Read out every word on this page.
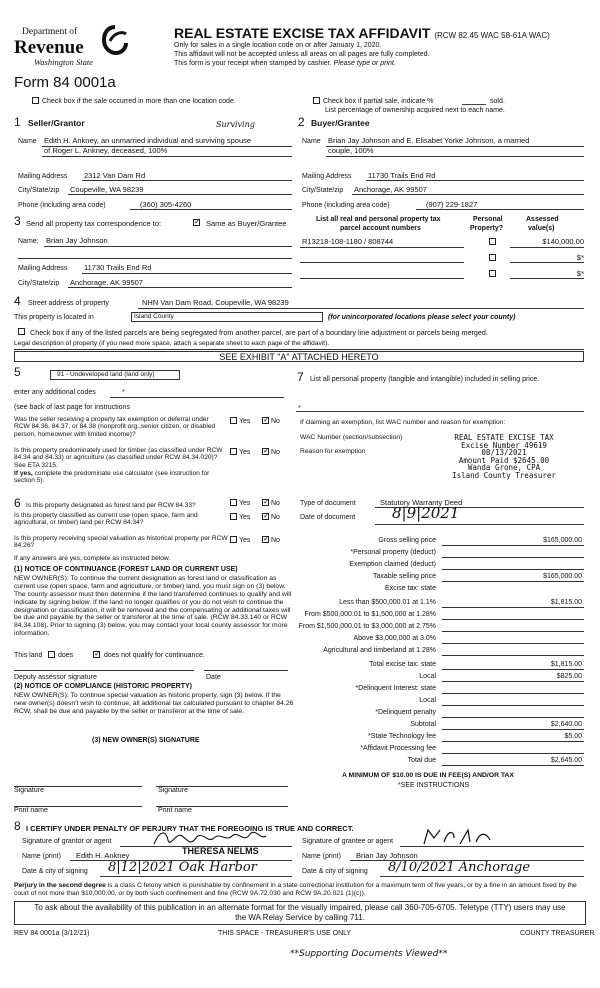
Department of
Revenue
Washington State
Form 84 0001a
REAL ESTATE EXCISE TAX AFFIDAVIT (RCW 82.45 WAC 58-61A WAC)
Only for sales in a single location code on or after January 1, 2020.
This affidavit will not be accepted unless all areas on all pages are fully completed.
This form is your receipt when stamped by cashier. Please type or print.
Check box if the sale occurred in more than one location code.	Check box if partial sale, indicate %	sold.
List percentage of ownership acquired next to each name.
1 Seller/Grantor	Surviving
Name Edith H. Ankney, an unmarried individual and surviving spouse
of Roger L. Ankney, deceased, 100%
Mailing Address 2312 Van Dam Rd
City/State/zip Coupeville, WA 98239
Phone (including area code)	(360) 305-4260
2 Buyer/Grantee
Name Brian Jay Johnson and E. Elisabet Yorke Johnson, a married
couple, 100%
Mailing Address 11730 Trails End Rd
City/State/zip Anchorage, AK 99507
Phone (including area code)	(907) 229-1827
3 Send all property tax correspondence to: ✓	Same as Buyer/Grantee
Name: Brian Jay Johnson
Mailing Address 11730 Trails End Rd
City/State/zip Anchorage, AK 99507
List all real and personal property tax
parcel account numbers
Personal
Property?
Assessed
value(s)
R13218-108-1180 / 808744	$140,000.00
$*
$*
4 Street address of property	NHN Van Dam Road, Coupeville, WA 98239
This property is located in	Island County	(for unincorporated locations please select your county)
Check box if any of the listed parcels are being segregated from another parcel, are part of a boundary line adjustment or parcels being merged.
Legal description of property (if you need more space, attach a separate sheet to each page of the affidavit).
SEE EXHIBIT "A" ATTACHED HERETO
5	91 - Undeveloped land (land only)
enter any additional codes	*
(see back of last page for instructions
Was the seller receiving a property tax exemption or deferral under RCW 84.36, 84.37, or 84.38 (nonprofit org.,senior citizen, or disabled person, homeowner with limited income)?
Yes ✓	No
Is this property predominately used for timber (as classified under RCW 84.34 and 84.33) or agriculture (as classified under RCW 84.34.020)? See ETA 3215.
If yes, complete the predominate use calculator (see instruction for section 5).
Yes ✓	No
7 List all personal property (tangible and intangible) included in selling price.
*
If claiming an exemption, list WAC number and reason for exemption:
WAC Number (section/subsection)
Reason for exemption
REAL ESTATE EXCISE TAX
Excise Number 49619
08/13/2021
Amount Paid $2645.00
Wanda Grone, CPA
Island County Treasurer
6 Is this property designated as forest land per RCW 84.33?	Yes ✓	No
Is this property classified as current use (open space, farm and agricultural, or timber) land per RCW 84.34?
Yes ✓	No
Is this property receiving special valuation as historical property per RCW 84.26?
Yes ✓	No
If any answers are yes, complete as instructed below.
(1) NOTICE OF CONTINUANCE (FOREST LAND OR CURRENT USE)
NEW OWNER(S): To continue the current designation as forest land or classification as current use (open space, farm and agriculture, or timber) land, you must sign on (3) below. The county assessor must then determine if the land transferred continues to qualify and will indicate by signing below. If the land no longer qualifies or you do not wish to continue the designation or classification, it will be removed and the compensating or additional taxes will be due and payable by the seller or transferor at the time of sale. (RCW 84.33.140 or RCW 84.34.108). Prior to signing (3) below, you may contact your local county assessor for more information.
This land does ✓	does not qualify for continuance.
Deputy assessor signature	Date
(2) NOTICE OF COMPLIANCE (HISTORIC PROPERTY)
NEW OWNER(S): To continue special valuation as historic property, sign (3) below. If the new owner(s) doesn't wish to continue, all additional tax calculated pursuant to chapter 84.26 RCW, shall be due and payable by the seller or transferor at the time of sale.
(3) NEW OWNER(S) SIGNATURE
Signature	Signature
Print name	Print name
Type of document	Statutory Warranty Deed
Date of document 8|9|2021
Gross selling price	$165,000.00
*Personal property (deduct)
Exemption claimed (deduct)
Taxable selling price	$165,000.00
Excise tax: state
Less than $500,000.01 at 1.1%	$1,815.00
From $500,000.01 to $1,500,000 at 1.28%
From $1,500,000.01 to $3,000,000 at 2.75%
Above $3,000,000 at 3.0%
Agricultural and timberland at 1.28%
Total excise tax: state	$1,815.00
Local	$825.00
*Delinquent Interest: state
Local
*Delinquent penalty
Subtotal	$2,640.00
*State Technology fee	$5.00
*Affidavit Processing fee
Total due	$2,645.00
A MINIMUM OF $10.00 IS DUE IN FEE(S) AND/OR TAX
*SEE INSTRUCTIONS
8 I CERTIFY UNDER PENALTY OF PERJURY THAT THE FOREGOING IS TRUE AND CORRECT.
Signature of grantor or agent
Name (print) Edith H. Ankney	THERESA NELMS
Date & city of signing 8|12|2021 Oak Harbor
Signature of grantee or agent
Name (print) Brian Jay Johnson
Date & city of signing 8/10/2021 Anchorage
Perjury in the second degree is a class C felony which is punishable by confinement in a state correctional institution for a maximum term of five years, or by a fine in an amount fixed by the court of not more than $10,000.00, or by both such confinement and fine (RCW 9A.72.030 and RCW 9A.20.021 (1)(c)).
To ask about the availability of this publication in an alternate format for the visually impaired, please call 360-705-6705. Teletype (TTY) users may use the WA Relay Service by calling 711.
REV 84 0001a (3/12/21)	THIS SPACE - TREASURER'S USE ONLY	COUNTY TREASURER
**Supporting Documents Viewed**
